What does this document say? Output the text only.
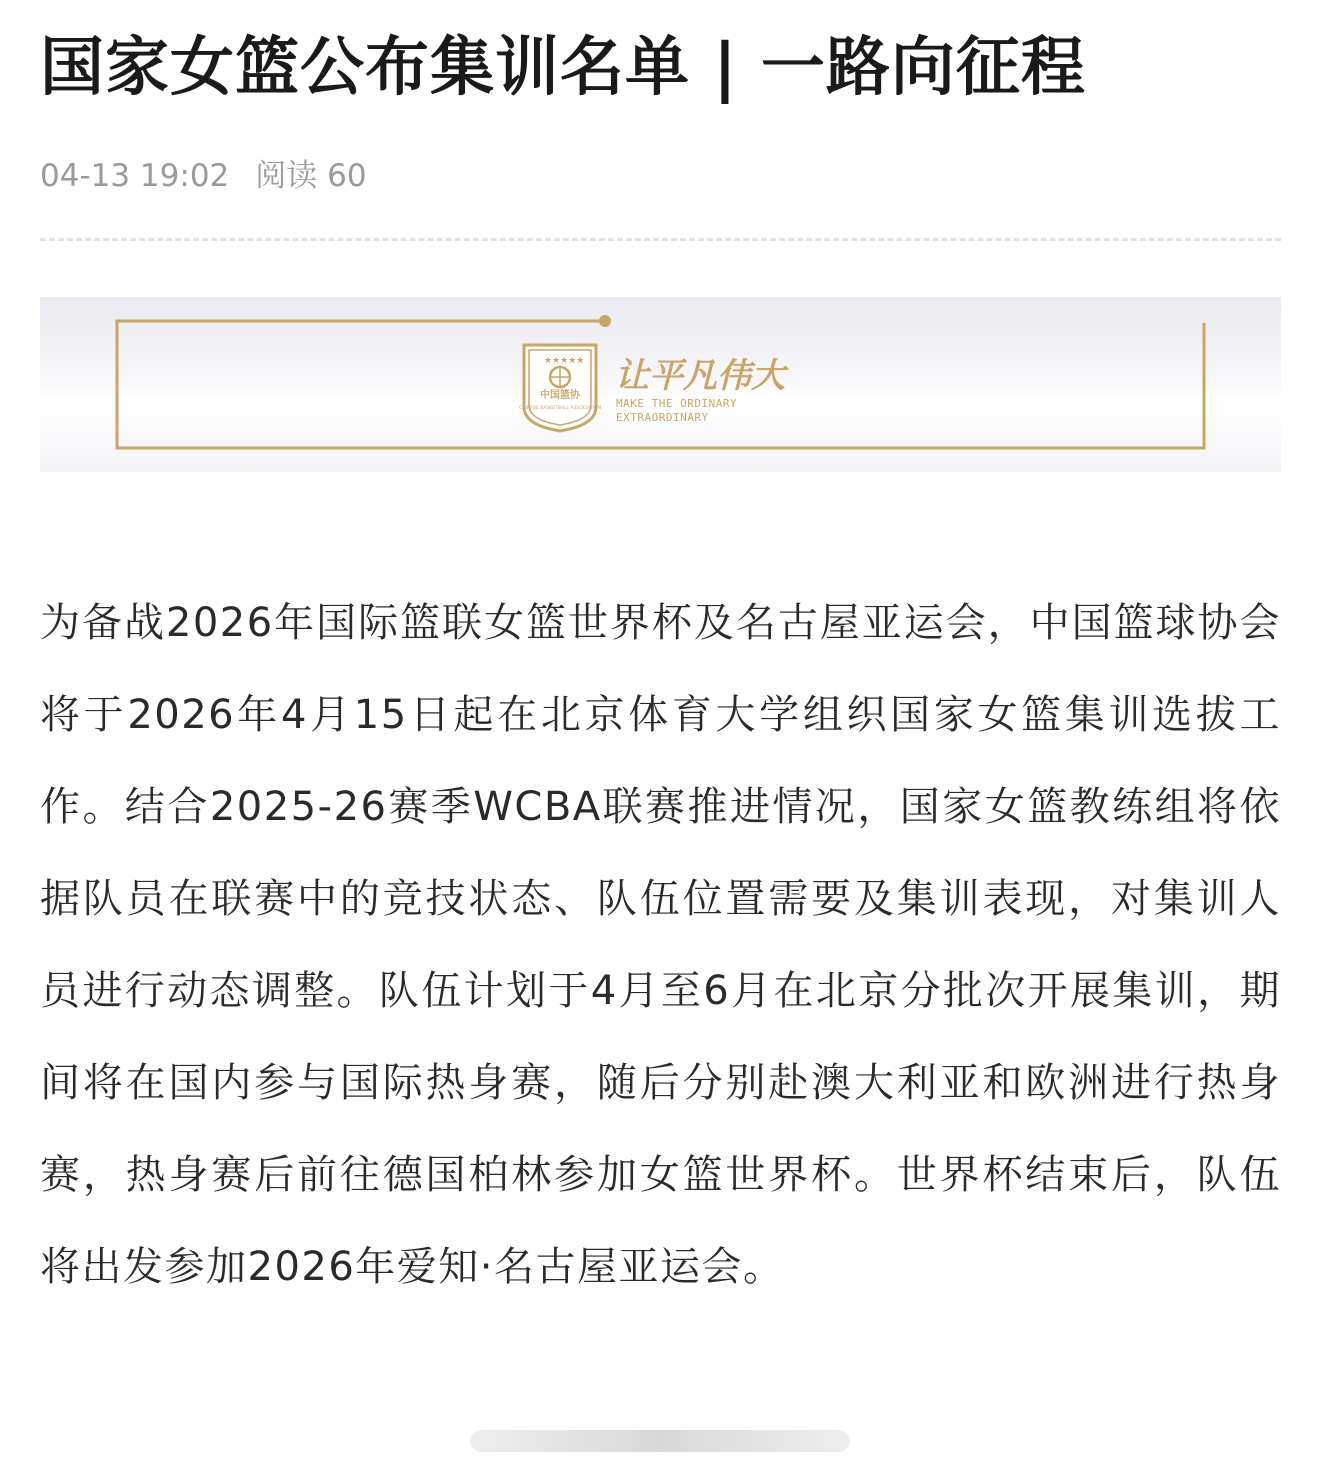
国家女篮公布集训名单 | 一路向征程
04-13 19:02 阅读 60
★★★★★
中国篮协
CHINESE BASKETBALL ASSOCIATION
让平凡伟大
MAKE THE ORDINARY
EXTRAORDINARY

为备战2026年国际篮联女篮世界杯及名古屋亚运会，中国篮球协会将于2026年4月15日起在北京体育大学组织国家女篮集训选拔工作。结合2025-26赛季WCBA联赛推进情况，国家女篮教练组将依据队员在联赛中的竞技状态、队伍位置需要及集训表现，对集训人员进行动态调整。队伍计划于4月至6月在北京分批次开展集训，期间将在国内参与国际热身赛，随后分别赴澳大利亚和欧洲进行热身赛，热身赛后前往德国柏林参加女篮世界杯。世界杯结束后，队伍将出发参加2026年爱知·名古屋亚运会。
